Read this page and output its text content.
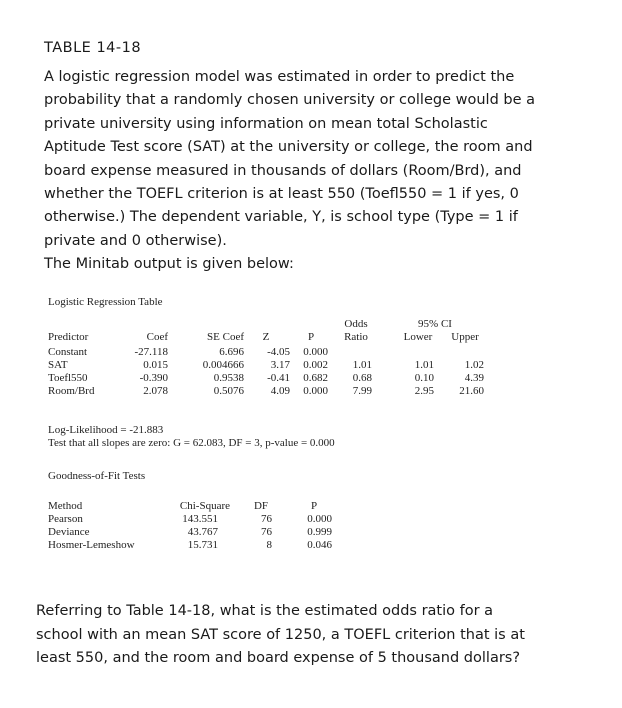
TABLE 14-18

A logistic regression model was estimated in order to predict the
probability that a randomly chosen university or college would be a
private university using information on mean total Scholastic
Aptitude Test score (SAT) at the university or college, the room and
board expense measured in thousands of dollars (Room/Brd), and
whether the TOEFL criterion is at least 550 (Toefl550 = 1 if yes, 0
otherwise.) The dependent variable, Y, is school type (Type = 1 if
private and 0 otherwise).
The Minitab output is given below:

Logistic Regression Table
95% CI
Odds
Predictor	Coef	SE Coef	Z	P	Ratio	Lower	Upper
Constant	-27.118	6.696	-4.05	0.000
SAT	0.015	0.004666	3.17	0.002	1.01	1.01	1.02
Toefl550	-0.390	0.9538	-0.41	0.682	0.68	0.10	4.39
Room/Brd	2.078	0.5076	4.09	0.000	7.99	2.95	21.60
Log-Likelihood = -21.883
Test that all slopes are zero: G = 62.083, DF = 3, p-value = 0.000
Goodness-of-Fit Tests
Method	Chi-Square	DF	P
Pearson	143.551	76	0.000
Deviance	43.767	76	0.999
Hosmer-Lemeshow	15.731	8	0.046

Referring to Table 14-18, what is the estimated odds ratio for a
school with an mean SAT score of 1250, a TOEFL criterion that is at
least 550, and the room and board expense of 5 thousand dollars?
